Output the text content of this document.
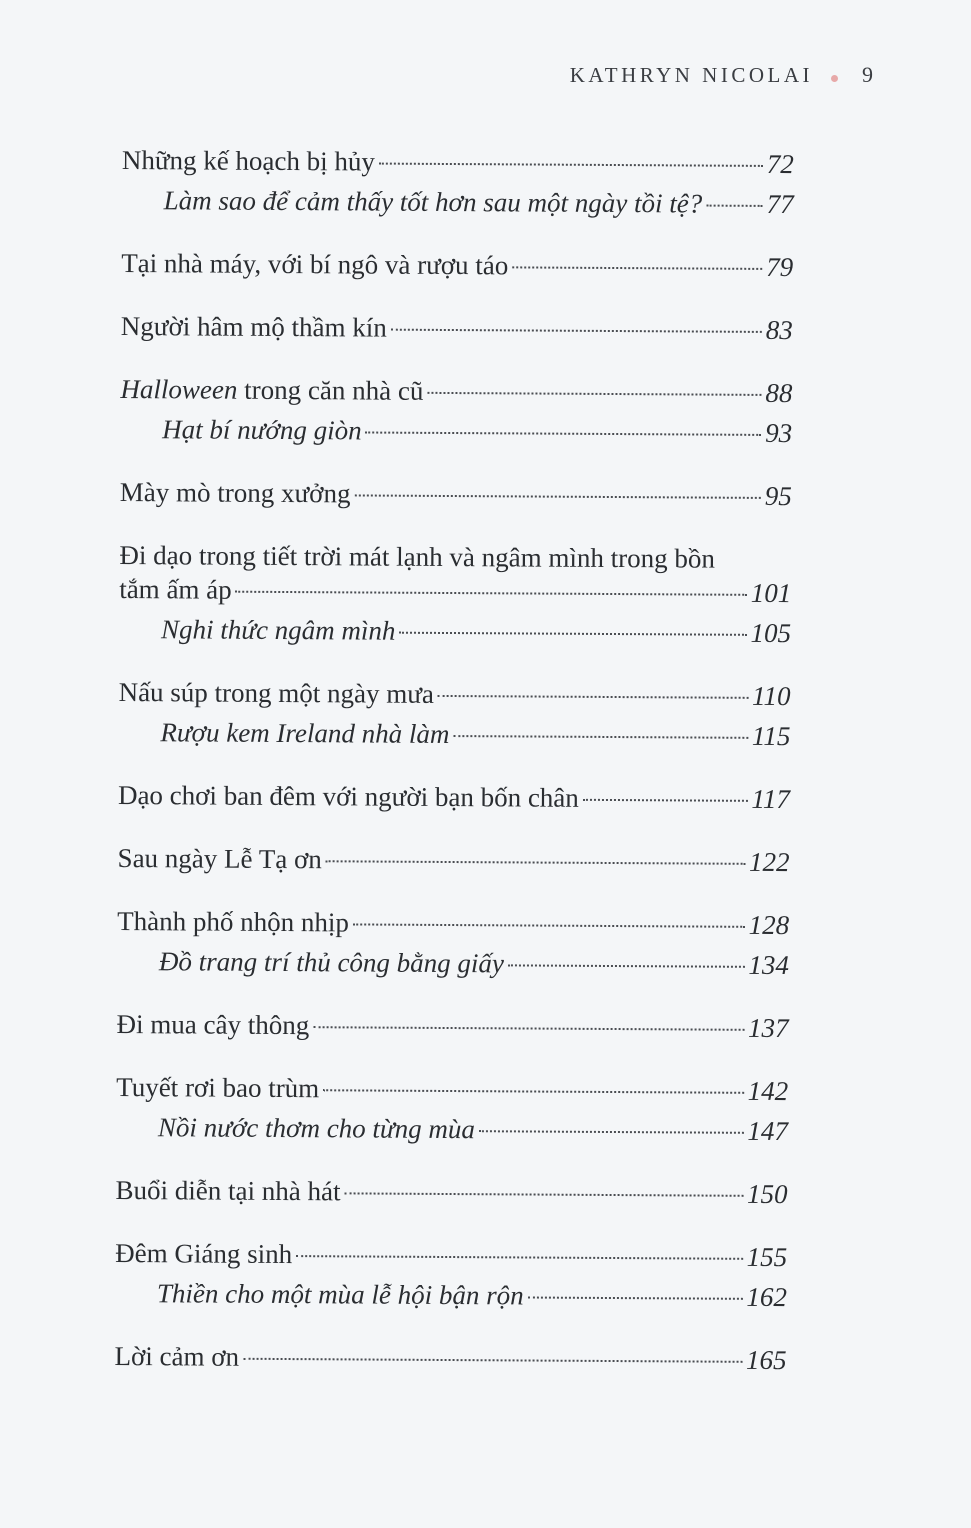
KATHRYN NICOLAI 9
Những kế hoạch bị hủy	72
Làm sao để cảm thấy tốt hơn sau một ngày tồi tệ? 77
Tại nhà máy, với bí ngô và rượu táo	79
Người hâm mộ thầm kín	83
Halloween trong căn nhà cũ	88
Hạt bí nướng giòn	93
Mày mò trong xưởng	95
Đi dạo trong tiết trời mát lạnh và ngâm mình trong bồn
tắm ấm áp	101
Nghi thức ngâm mình	105
Nấu súp trong một ngày mưa	110
Rượu kem Ireland nhà làm	115
Dạo chơi ban đêm với người bạn bốn chân	117
Sau ngày Lễ Tạ ơn	122
Thành phố nhộn nhịp	128
Đồ trang trí thủ công bằng giấy	134
Đi mua cây thông	137
Tuyết rơi bao trùm	142
Nồi nước thơm cho từng mùa	147
Buổi diễn tại nhà hát	150
Đêm Giáng sinh	155
Thiền cho một mùa lễ hội bận rộn	162
Lời cảm ơn	165
